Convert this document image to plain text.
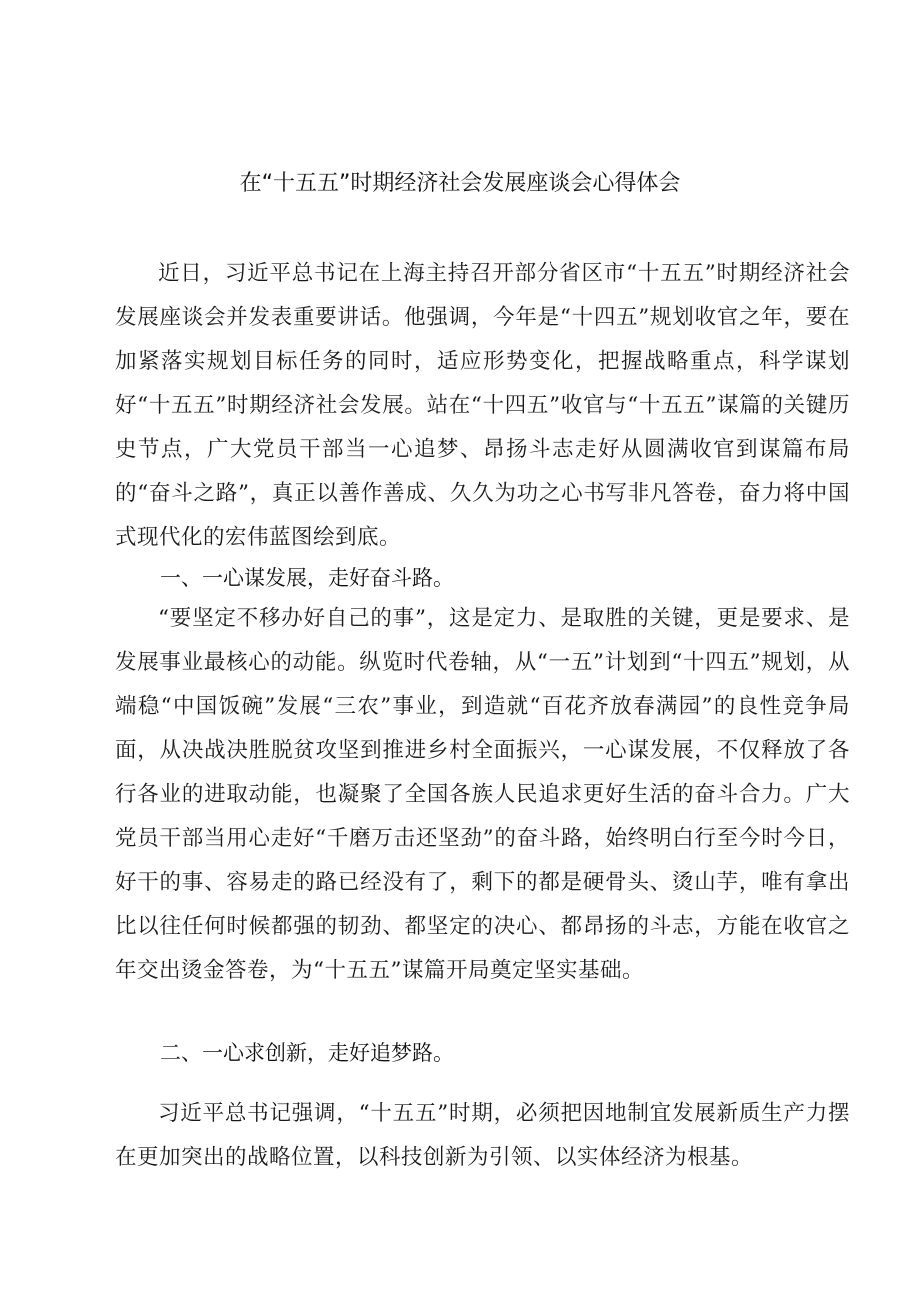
在“十五五”时期经济社会发展座谈会心得体会

近日，习近平总书记在上海主持召开部分省区市“十五五”时期经济社会发展座谈会并发表重要讲话。他强调，今年是“十四五”规划收官之年，要在加紧落实规划目标任务的同时，适应形势变化，把握战略重点，科学谋划好“十五五”时期经济社会发展。站在“十四五”收官与“十五五”谋篇的关键历史节点，广大党员干部当一心追梦、昂扬斗志走好从圆满收官到谋篇布局的“奋斗之路”，真正以善作善成、久久为功之心书写非凡答卷，奋力将中国式现代化的宏伟蓝图绘到底。

一、一心谋发展，走好奋斗路。

“要坚定不移办好自己的事”，这是定力、是取胜的关键，更是要求、是发展事业最核心的动能。纵览时代卷轴，从“一五”计划到“十四五”规划，从端稳“中国饭碗”发展“三农”事业，到造就“百花齐放春满园”的良性竞争局面，从决战决胜脱贫攻坚到推进乡村全面振兴，一心谋发展，不仅释放了各行各业的进取动能，也凝聚了全国各族人民追求更好生活的奋斗合力。广大党员干部当用心走好“千磨万击还坚劲”的奋斗路，始终明白行至今时今日，好干的事、容易走的路已经没有了，剩下的都是硬骨头、烫山芋，唯有拿出比以往任何时候都强的韧劲、都坚定的决心、都昂扬的斗志，方能在收官之年交出烫金答卷，为“十五五”谋篇开局奠定坚实基础。

二、一心求创新，走好追梦路。

习近平总书记强调，“十五五”时期，必须把因地制宜发展新质生产力摆在更加突出的战略位置，以科技创新为引领、以实体经济为根基。
